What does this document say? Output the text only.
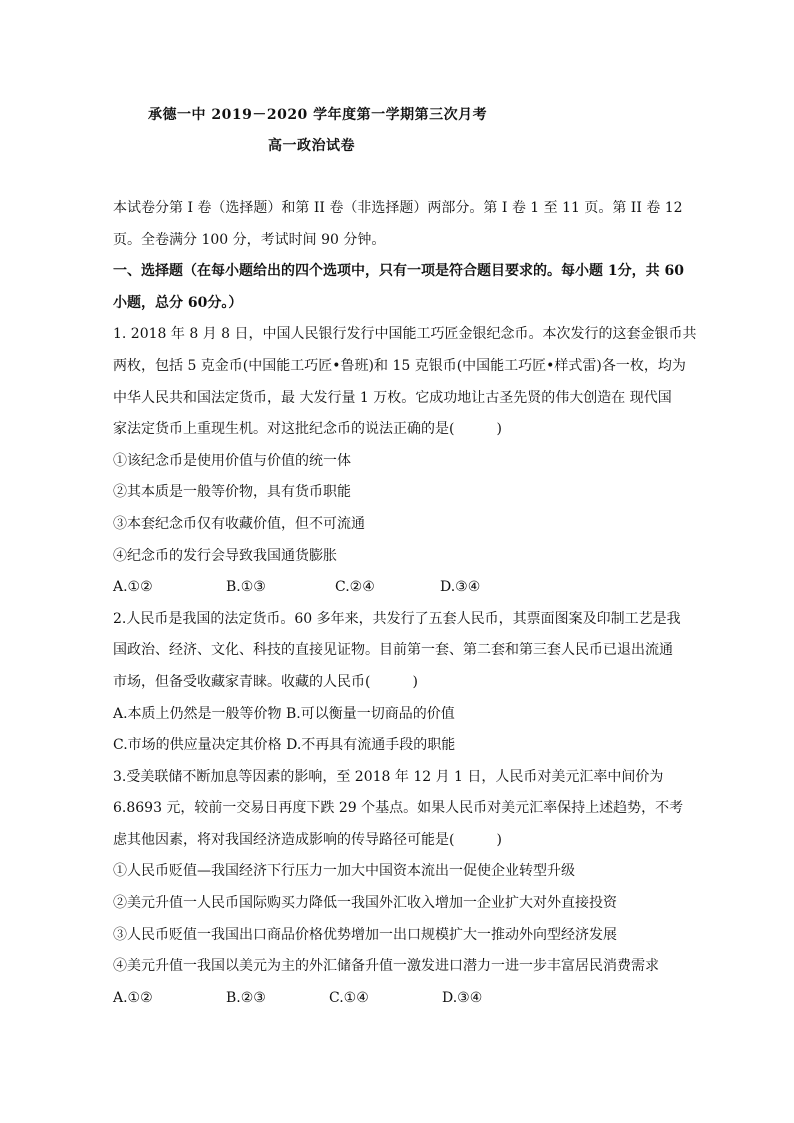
承德一中 2019－2020 学年度第一学期第三次月考
高一政治试卷
本试卷分第 I 卷（选择题）和第 II 卷（非选择题）两部分。第 I 卷 1 至 11 页。第 II 卷 12
页。全卷满分 100 分，考试时间 90 分钟。
一、选择题（在每小题给出的四个选项中，只有一项是符合题目要求的。每小题 1分，共 60
小题，总分 60分。）
1. 2018 年 8 月 8 日，中国人民银行发行中国能工巧匠金银纪念币。本次发行的这套金银币共
两枚，包括 5 克金币(中国能工巧匠•鲁班)和 15 克银币(中国能工巧匠•样式雷)各一枚，均为
中华人民共和国法定货币，最 大发行量 1 万枚。它成功地让古圣先贤的伟大创造在 现代国
家法定货币上重现生机。对这批纪念币的说法正确的是(　　　)
①该纪念币是使用价值与价值的统一体
②其本质是一般等价物，具有货币职能
③本套纪念币仅有收藏价值，但不可流通
④纪念币的发行会导致我国通货膨胀
A.①②	B.①③	C.②④	D.③④
2.人民币是我国的法定货币。60 多年来，共发行了五套人民币，其票面图案及印制工艺是我
国政治、经济、文化、科技的直接见证物。目前第一套、第二套和第三套人民币已退出流通
市场，但备受收藏家青睐。收藏的人民币(　　　)
A.本质上仍然是一般等价物 B.可以衡量一切商品的价值
C.市场的供应量决定其价格 D.不再具有流通手段的职能
3.受美联储不断加息等因素的影响，至 2018 年 12 月 1 日，人民币对美元汇率中间价为
6.8693 元，较前一交易日再度下跌 29 个基点。如果人民币对美元汇率保持上述趋势，不考
虑其他因素，将对我国经济造成影响的传导路径可能是(　　　)
①人民币贬值—我国经济下行压力一加大中国资本流出一促使企业转型升级
②美元升值一人民币国际购买力降低一我国外汇收入增加一企业扩大对外直接投资
③人民币贬值一我国出口商品价格优势增加一出口规模扩大一推动外向型经济发展
④美元升值一我国以美元为主的外汇储备升值一激发进口潜力一进一步丰富居民消费需求
A.①②	B.②③	C.①④	D.③④
